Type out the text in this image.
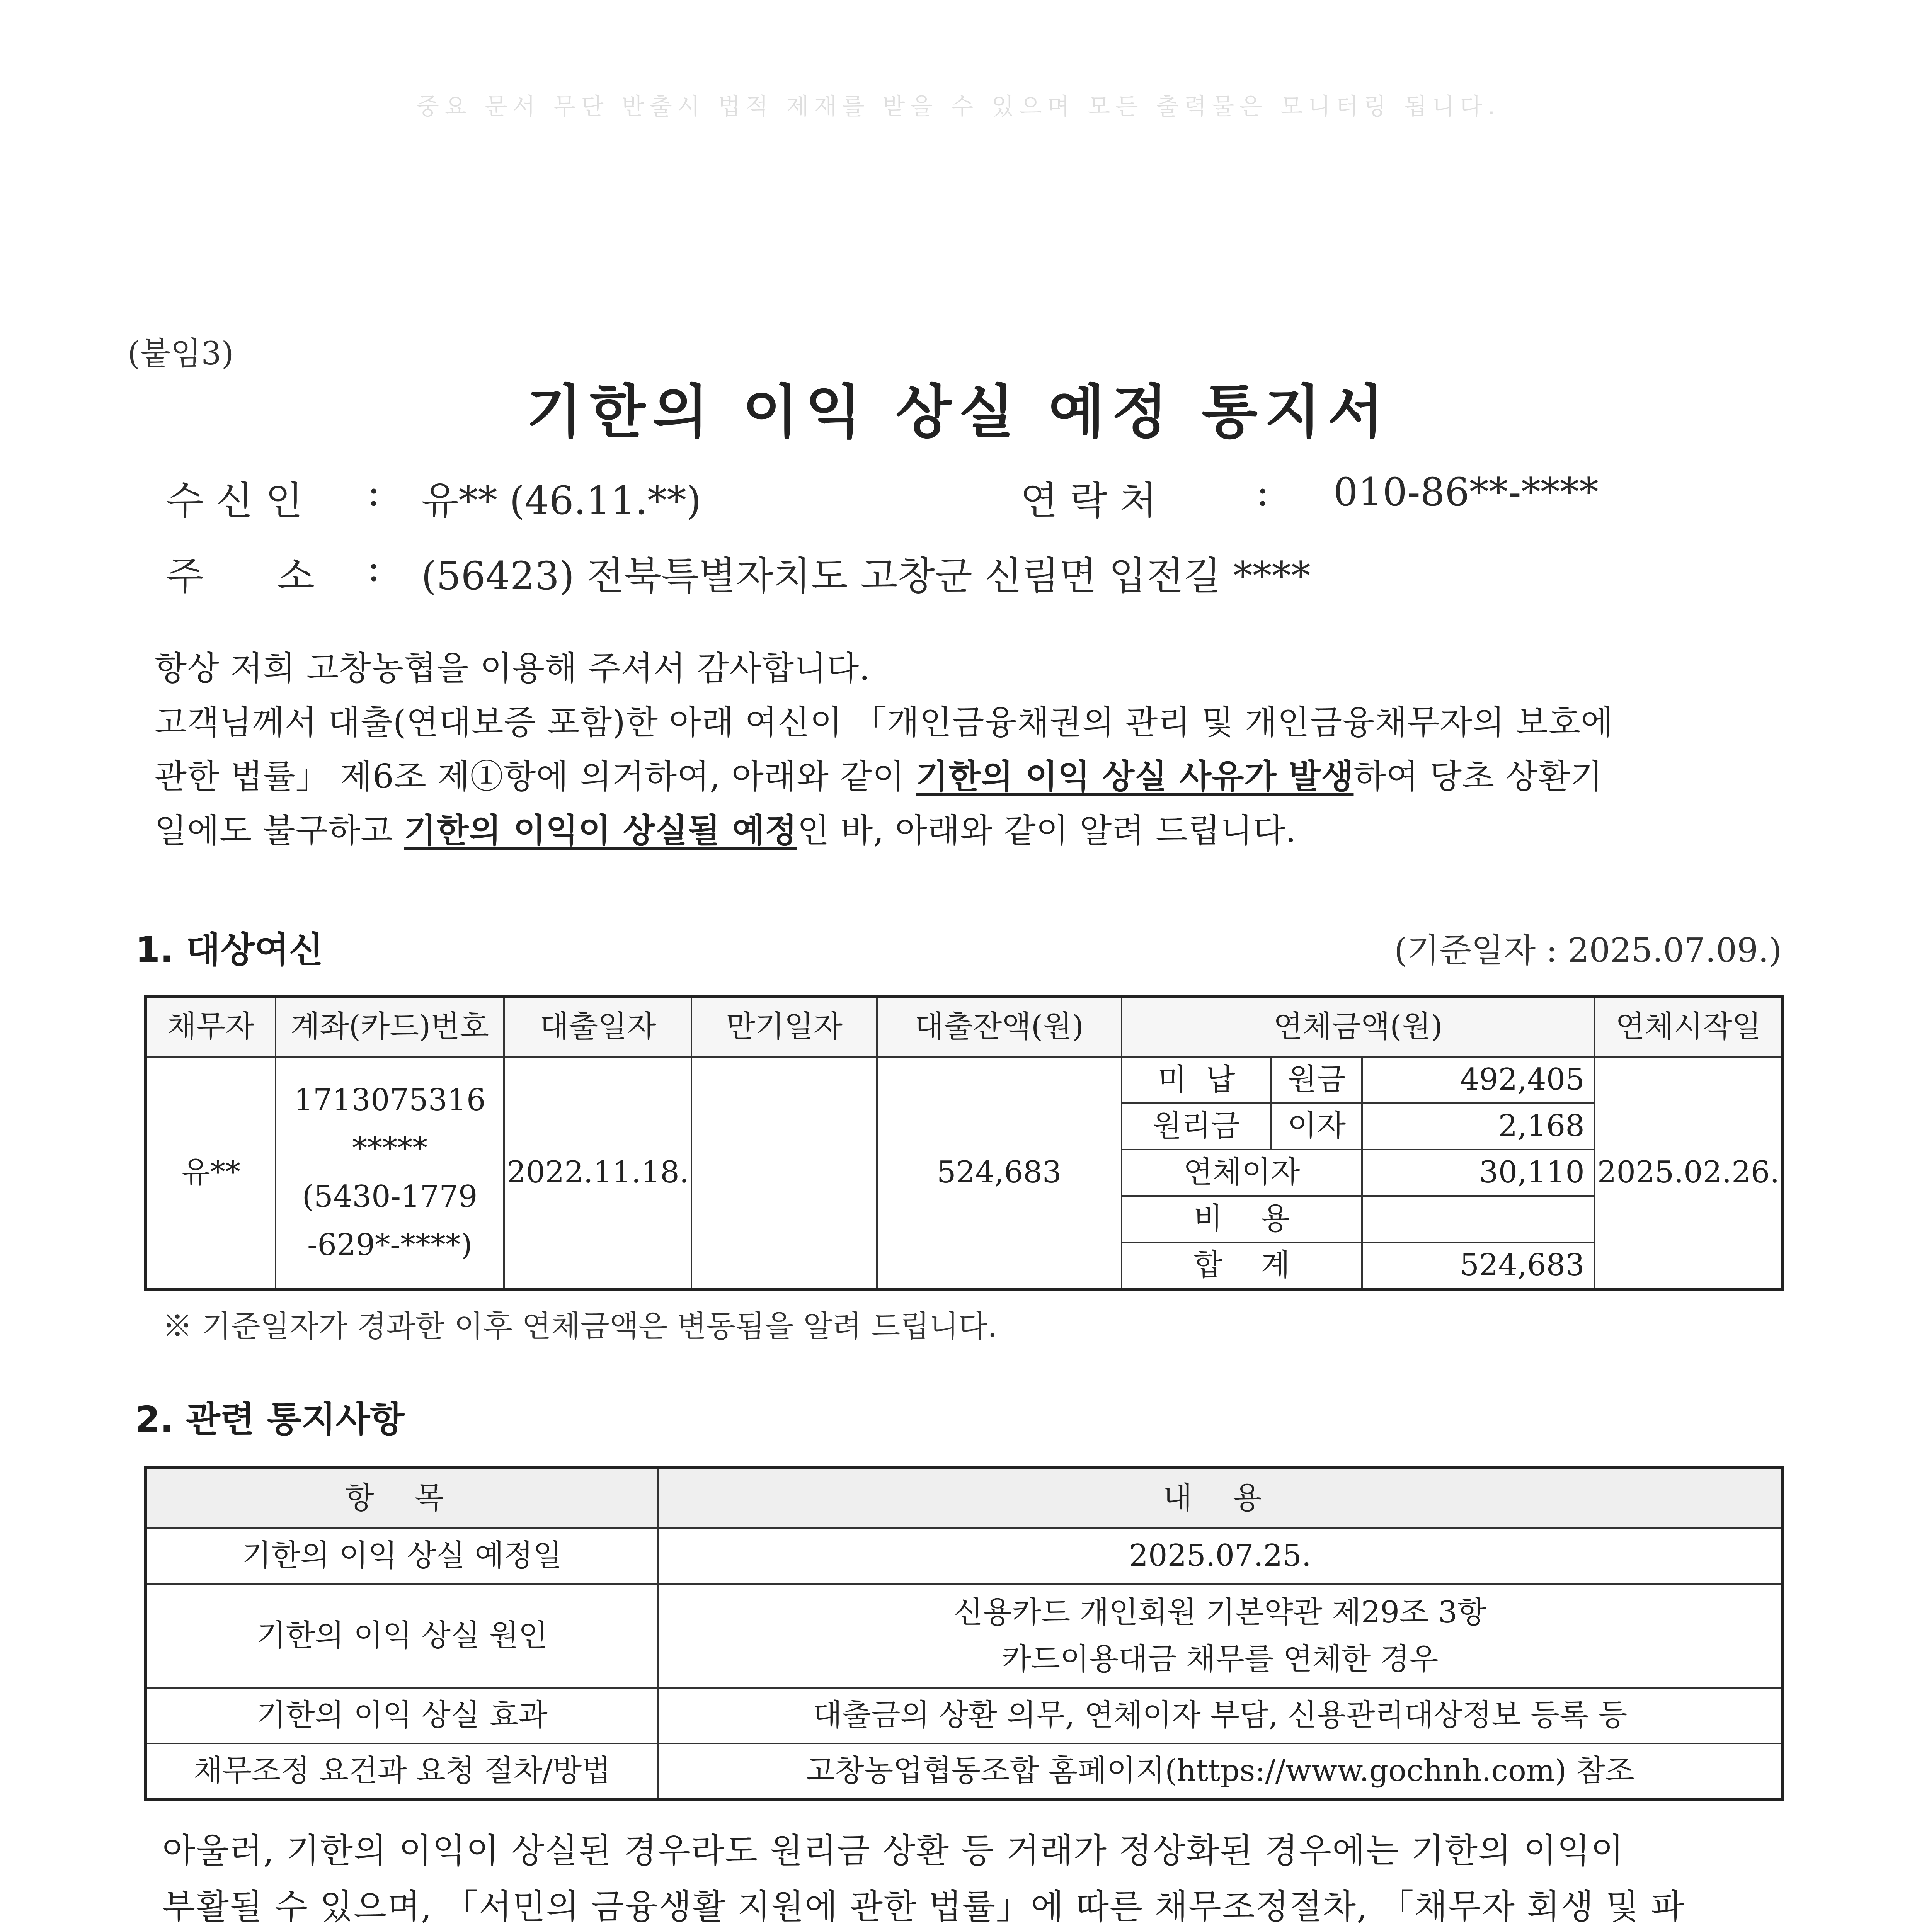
중요 문서 무단 반출시 법적 제재를 받을 수 있으며 모든 출력물은 모니터링 됩니다.
(붙임3)
기한의 이익 상실 예정 통지서
수 신 인 : 유** (46.11.**)	연 락 처	: 010-86**-****
주      소 : (56423) 전북특별자치도 고창군 신림면 입전길 ****
항상 저희 고창농협을 이용해 주셔서 감사합니다.
고객님께서 대출(연대보증 포함)한 아래 여신이 「개인금융채권의 관리 및 개인금융채무자의 보호에
관한 법률」 제6조 제①항에 의거하여, 아래와 같이 기한의 이익 상실 사유가 발생하여 당초 상환기
일에도 불구하고 기한의 이익이 상실될 예정인 바, 아래와 같이 알려 드립니다.
1. 대상여신	(기준일자 : 2025.07.09.)
채무자	계좌(카드)번호	대출일자	만기일자	대출잔액(원)	연체금액(원)			연체시작일
유**	1713075316
*****
(5430-1779
-629*-****)	2022.11.18.		524,683	미  납	원금	492,405	2025.02.26.
					원리금	이자	2,168	
					연체이자		30,110	
					비    용			
					합    계		524,683	
※ 기준일자가 경과한 이후 연체금액은 변동됨을 알려 드립니다.
2. 관련 통지사항
항 목	내 용
기한의 이익 상실 예정일	2025.07.25.
기한의 이익 상실 원인	신용카드 개인회원 기본약관 제29조 3항
카드이용대금 채무를 연체한 경우

기한의 이익 상실 효과	대출금의 상환 의무, 연체이자 부담, 신용관리대상정보 등록 등
채무조정 요건과 요청 절차/방법	고창농업협동조합 홈페이지(https://www.gochnh.com) 참조
아울러, 기한의 이익이 상실된 경우라도 원리금 상환 등 거래가 정상화된 경우에는 기한의 이익이
부활될 수 있으며, 「서민의 금융생활 지원에 관한 법률」에 따른 채무조정절차, 「채무자 회생 및 파
